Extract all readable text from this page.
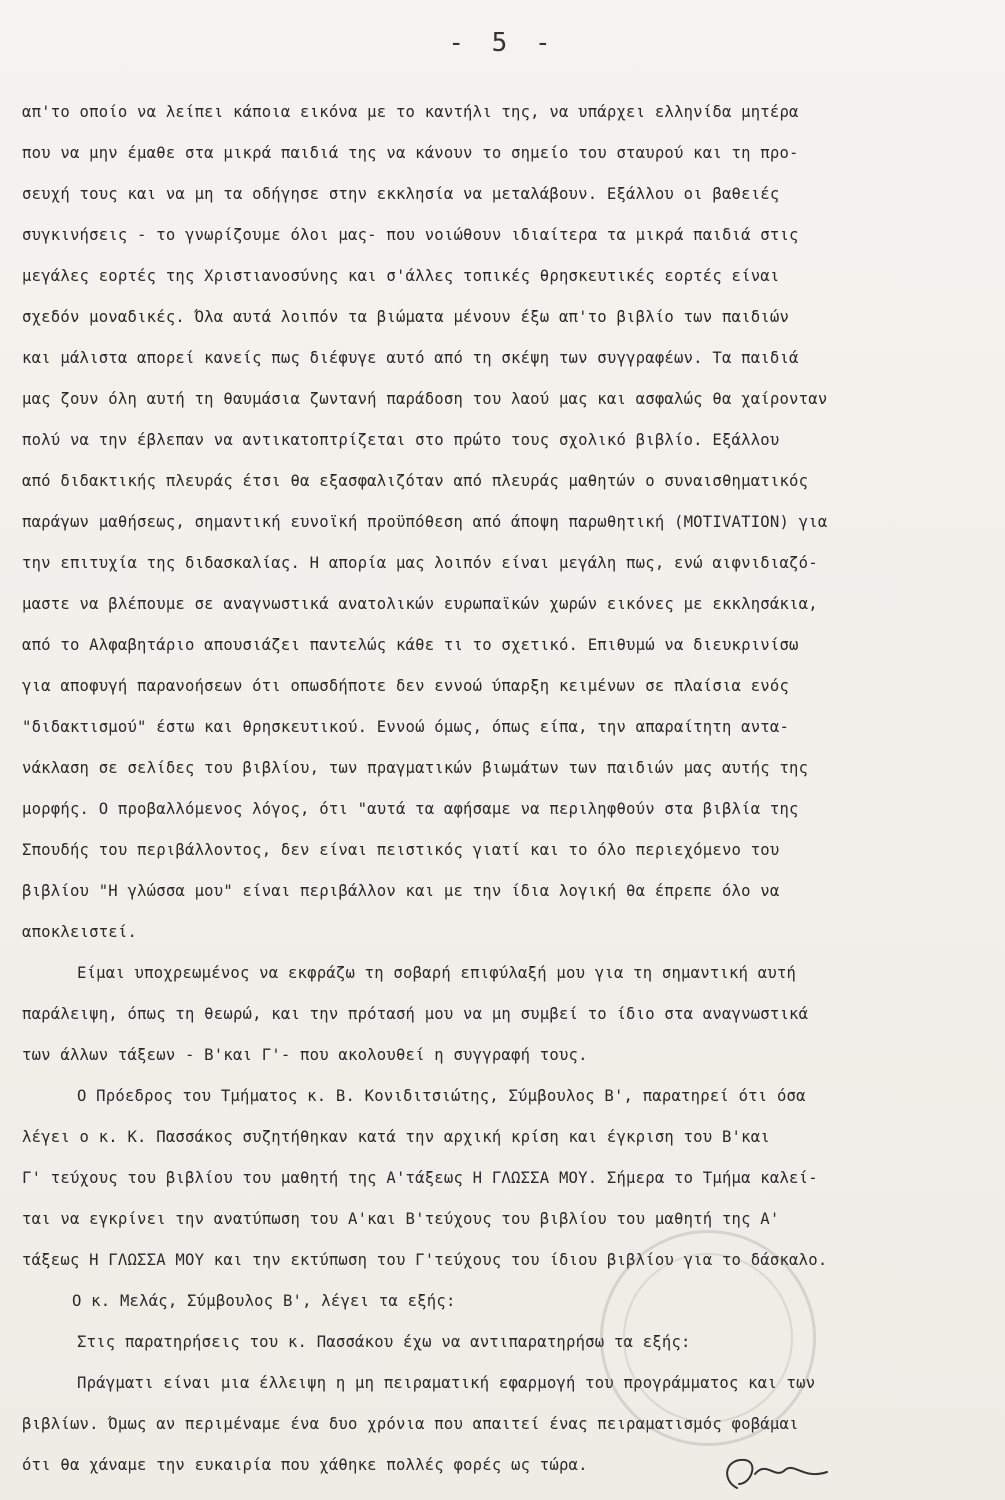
- 5 -
απ'το οποίο να λείπει κάποια εικόνα με το καντήλι της, να υπάρχει ελληνίδα μητέρα
που να μην έμαθε στα μικρά παιδιά της να κάνουν το σημείο του σταυρού και τη προ-
σευχή τους και να μη τα οδήγησε στην εκκλησία να μεταλάβουν. Εξάλλου οι βαθειές
συγκινήσεις - το γνωρίζουμε όλοι μας- που νοιώθουν ιδιαίτερα τα μικρά παιδιά στις
μεγάλες εορτές της Χριστιανοσύνης και σ'άλλες τοπικές θρησκευτικές εορτές είναι
σχεδόν μοναδικές. Όλα αυτά λοιπόν τα βιώματα μένουν έξω απ'το βιβλίο των παιδιών
και μάλιστα απορεί κανείς πως διέφυγε αυτό από τη σκέψη των συγγραφέων. Τα παιδιά
μας ζουν όλη αυτή τη θαυμάσια ζωντανή παράδοση του λαού μας και ασφαλώς θα χαίρονταν
πολύ να την έβλεπαν να αντικατοπτρίζεται στο πρώτο τους σχολικό βιβλίο. Εξάλλου
από διδακτικής πλευράς έτσι θα εξασφαλιζόταν από πλευράς μαθητών ο συναισθηματικός
παράγων μαθήσεως, σημαντική ευνοϊκή προϋπόθεση από άποψη παρωθητική (MOTIVATION) για
την επιτυχία της διδασκαλίας. Η απορία μας λοιπόν είναι μεγάλη πως, ενώ αιφνιδιαζό-
μαστε να βλέπουμε σε αναγνωστικά ανατολικών ευρωπαϊκών χωρών εικόνες με εκκλησάκια,
από το Αλφαβητάριο απουσιάζει παντελώς κάθε τι το σχετικό. Επιθυμώ να διευκρινίσω
για αποφυγή παρανοήσεων ότι οπωσδήποτε δεν εννοώ ύπαρξη κειμένων σε πλαίσια ενός
"διδακτισμού" έστω και θρησκευτικού. Εννοώ όμως, όπως είπα, την απαραίτητη αντα-
νάκλαση σε σελίδες του βιβλίου, των πραγματικών βιωμάτων των παιδιών μας αυτής της
μορφής. Ο προβαλλόμενος λόγος, ότι "αυτά τα αφήσαμε να περιληφθούν στα βιβλία της
Σπουδής του περιβάλλοντος, δεν είναι πειστικός γιατί και το όλο περιεχόμενο του
βιβλίου "Η γλώσσα μου" είναι περιβάλλον και με την ίδια λογική θα έπρεπε όλο να
αποκλειστεί.
Είμαι υποχρεωμένος να εκφράζω τη σοβαρή επιφύλαξή μου για τη σημαντική αυτή
παράλειψη, όπως τη θεωρώ, και την πρότασή μου να μη συμβεί το ίδιο στα αναγνωστικά
των άλλων τάξεων - Β'και Γ'- που ακολουθεί η συγγραφή τους.
Ο Πρόεδρος του Τμήματος κ. Β. Κονιδιτσιώτης, Σύμβουλος Β', παρατηρεί ότι όσα
λέγει ο κ. Κ. Πασσάκος συζητήθηκαν κατά την αρχική κρίση και έγκριση του Β'και
Γ' τεύχους του βιβλίου του μαθητή της Α'τάξεως Η ΓΛΩΣΣΑ ΜΟΥ. Σήμερα το Τμήμα καλεί-
ται να εγκρίνει την ανατύπωση του Α'και Β'τεύχους του βιβλίου του μαθητή της Α'
τάξεως Η ΓΛΩΣΣΑ ΜΟΥ και την εκτύπωση του Γ'τεύχους του ίδιου βιβλίου για το δάσκαλο.
Ο κ. Μελάς, Σύμβουλος Β', λέγει τα εξής:
Στις παρατηρήσεις του κ. Πασσάκου έχω να αντιπαρατηρήσω τα εξής:
Πράγματι είναι μια έλλειψη η μη πειραματική εφαρμογή του προγράμματος και των
βιβλίων. Όμως αν περιμέναμε ένα δυο χρόνια που απαιτεί ένας πειραματισμός φοβάμαι
ότι θα χάναμε την ευκαιρία που χάθηκε πολλές φορές ως τώρα.
